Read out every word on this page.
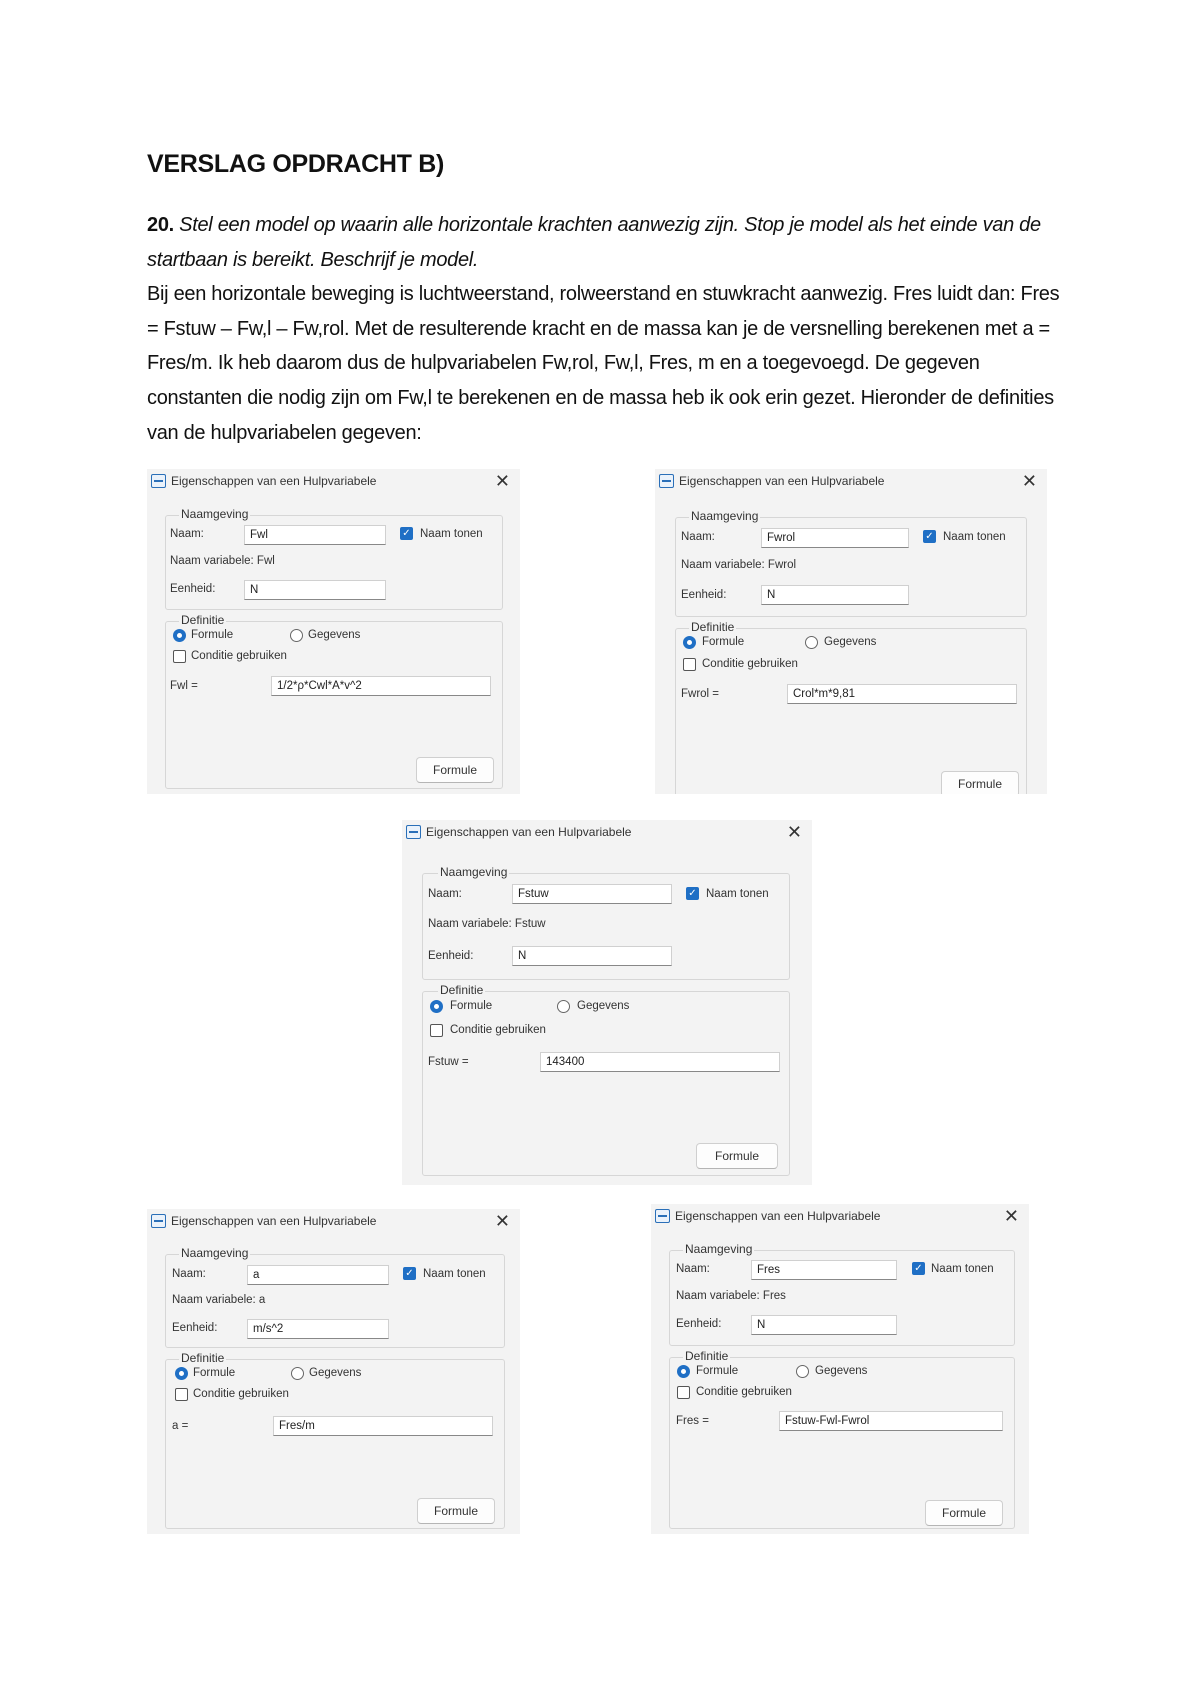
VERSLAG OPDRACHT B)

20. Stel een model op waarin alle horizontale krachten aanwezig zijn. Stop je model als het einde van de startbaan is bereikt. Beschrijf je model.

Bij een horizontale beweging is luchtweerstand, rolweerstand en stuwkracht aanwezig. Fres luidt dan: Fres = Fstuw – Fw,l – Fw,rol. Met de resulterende kracht en de massa kan je de versnelling berekenen met a = Fres/m. Ik heb daarom dus de hulpvariabelen Fw,rol, Fw,l, Fres, m en a toegevoegd. De gegeven constanten die nodig zijn om Fw,l te berekenen en de massa heb ik ook erin gezet. Hieronder de definities van de hulpvariabelen gegeven:

Eigenschappen van een Hulpvariabele	✕
Naamgeving
Naam:	Fwl	✓ Naam tonen
Naam variabele: Fwl
Eenheid:	N
Definitie
Formule	Gegevens
Conditie gebruiken
Fwl =	1/2*ρ*Cwl*A*v^2
Formule
Eigenschappen van een Hulpvariabele	✕
Naamgeving
Naam:	Fwrol	✓ Naam tonen
Naam variabele: Fwrol
Eenheid:	N
Definitie
Formule	Gegevens
Conditie gebruiken
Fwrol =	Crol*m*9,81
Formule
Eigenschappen van een Hulpvariabele	✕
Naamgeving
Naam:	Fstuw	✓ Naam tonen
Naam variabele: Fstuw
Eenheid:	N
Definitie
Formule	Gegevens
Conditie gebruiken
Fstuw =	143400
Formule
Eigenschappen van een Hulpvariabele	✕
Naamgeving
Naam:	a	✓ Naam tonen
Naam variabele: a
Eenheid:	m/s^2
Definitie
Formule	Gegevens
Conditie gebruiken
a =	Fres/m
Formule
Eigenschappen van een Hulpvariabele	✕
Naamgeving
Naam:	Fres	✓ Naam tonen
Naam variabele: Fres
Eenheid:	N
Definitie
Formule	Gegevens
Conditie gebruiken
Fres =	Fstuw-Fwl-Fwrol
Formule
